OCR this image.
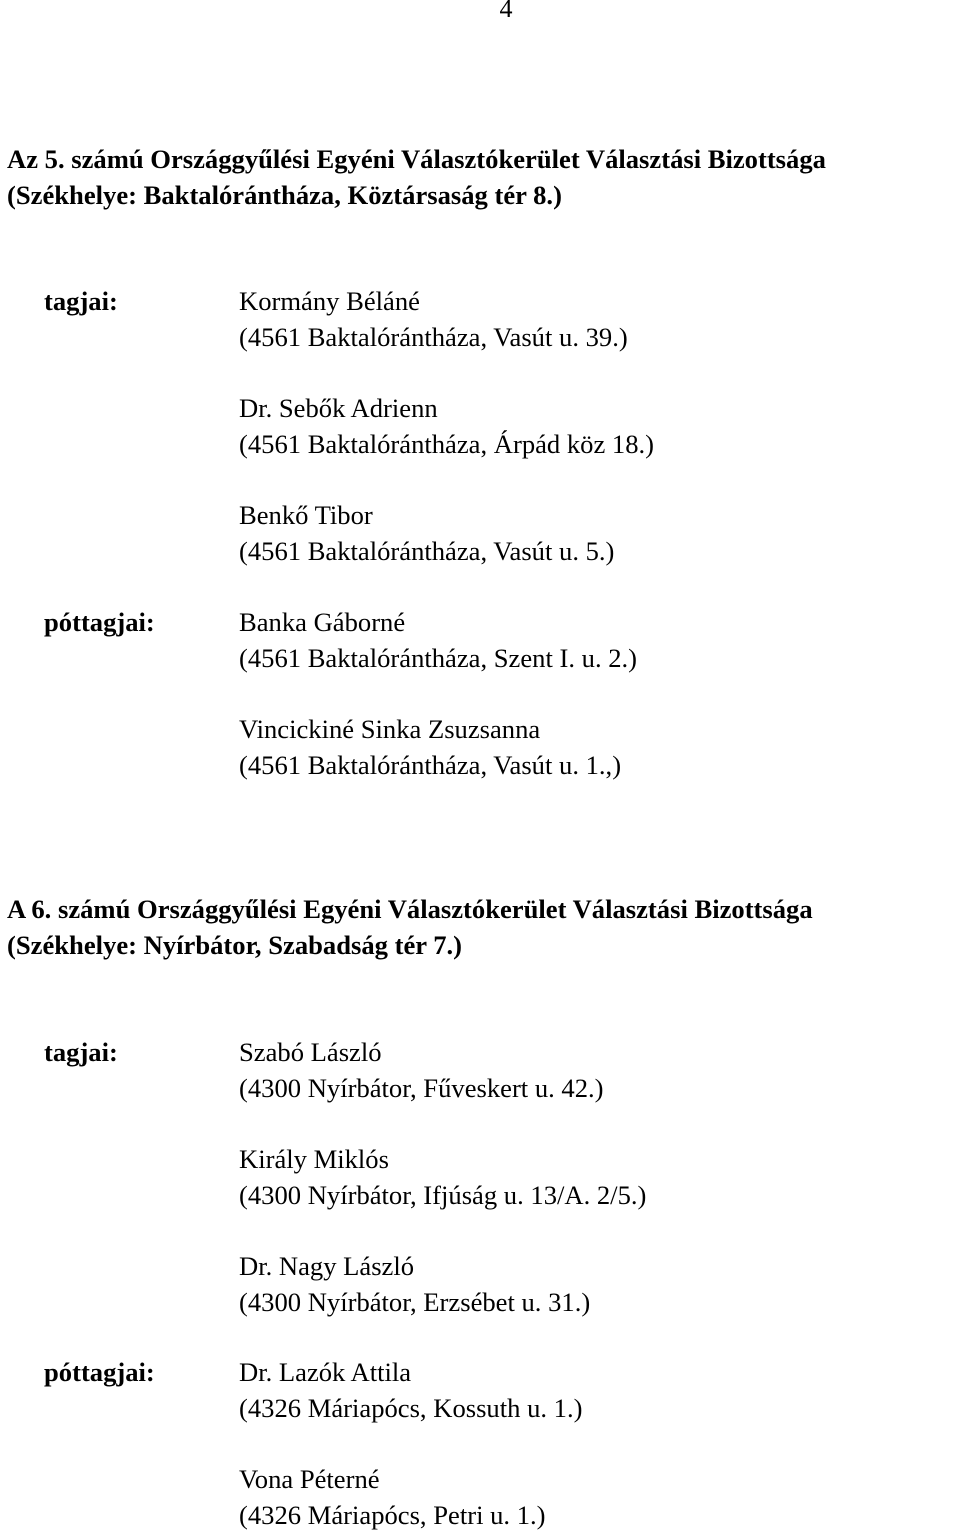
4
Az 5. számú Országgyűlési Egyéni Választókerület Választási Bizottsága
(Székhelye: Baktalórántháza, Köztársaság tér 8.)
tagjai:	Kormány Béláné
(4561 Baktalórántháza, Vasút u. 39.)
Dr. Sebők Adrienn
(4561 Baktalórántháza, Árpád köz 18.)
Benkő Tibor
(4561 Baktalórántháza, Vasút u. 5.)
póttagjai:	Banka Gáborné
(4561 Baktalórántháza, Szent I. u. 2.)
Vincickiné Sinka Zsuzsanna
(4561 Baktalórántháza, Vasút u. 1.,)
A 6. számú Országgyűlési Egyéni Választókerület Választási Bizottsága
(Székhelye: Nyírbátor, Szabadság tér 7.)
tagjai:	Szabó László
(4300 Nyírbátor, Fűveskert u. 42.)
Király Miklós
(4300 Nyírbátor, Ifjúság u. 13/A. 2/5.)
Dr. Nagy László
(4300 Nyírbátor, Erzsébet u. 31.)
póttagjai:	Dr. Lazók Attila
(4326 Máriapócs, Kossuth u. 1.)
Vona Péterné
(4326 Máriapócs, Petri u. 1.)
